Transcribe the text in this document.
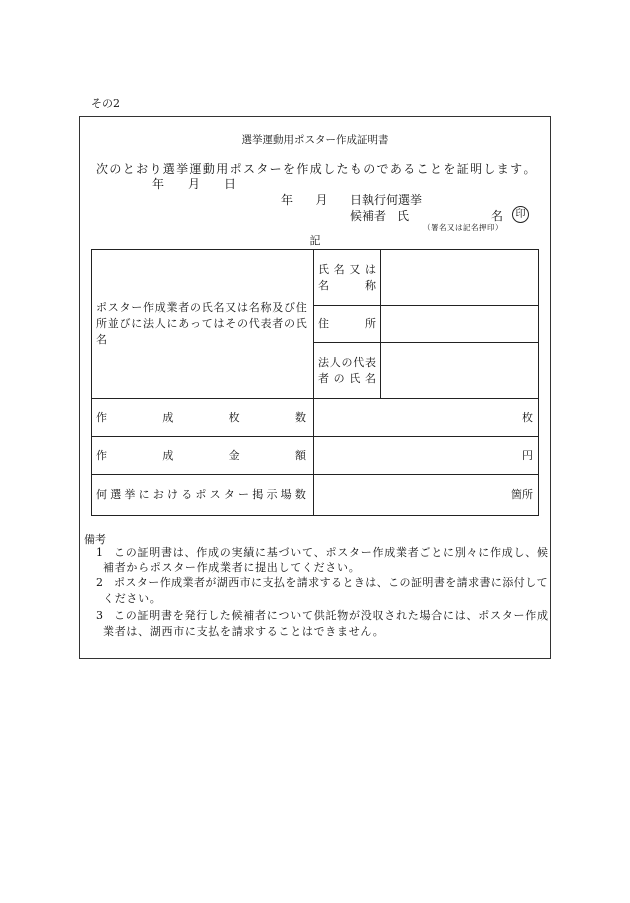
その2
選挙運動用ポスター作成証明書
次 の と お り 選 挙 運 動 用 ポ ス タ ー を 作 成 し た も の で あ る こ と を 証 明 し ま す 。
年
　　 月
　　 日
年
　　 月
　　 日執行何選挙
候補者 氏
　　　　　　　	名	印
（署名又は記名押印）
記
ポ ス タ ー 作 成 業 者 の 氏 名 又 は 名 称 及 び 住
所 並 び に 法 人 に あ っ て は そ の 代 表 者 の 氏
名
氏 名 又 は
名	称
住	所
法 人 の 代 表
者 の 氏 名
作	成	枚	数	枚
作	成	金	額	円
何 選 挙 に お け る ポ ス タ ー 掲 示 場 数	箇所
備考
1 こ の 証 明 書 は 、 作 成 の 実 績 に 基 づ い て 、 ポ ス タ ー 作 成 業 者 ご と に 別 々 に 作 成 し 、 候
補者からポスター作成業者に提出してください。
2 ポ ス タ ー 作 成 業 者 が 湖 西 市 に 支 払 を 請 求 す る と き は 、 こ の 証 明 書 を 請 求 書 に 添 付 し て
ください。
3 こ の 証 明 書 を 発 行 し た 候 補 者 に つ い て 供 託 物 が 没 収 さ れ た 場 合 に は 、 ポ ス タ ー 作 成
業者は、湖西市に支払を請求することはできません。
